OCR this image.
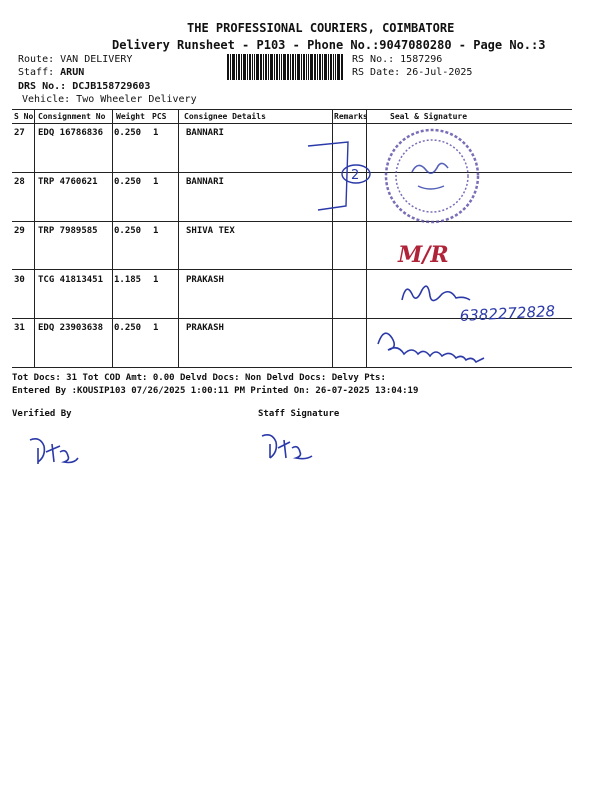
THE PROFESSIONAL COURIERS, COIMBATORE
Delivery Runsheet - P103 - Phone No.:9047080280 - Page No.:3
Route: VAN DELIVERY
Staff: ARUN
DRS No.: DCJB158729603
Vehicle: Two Wheeler Delivery
RS No.: 1587296
RS Date: 26-Jul-2025
S No Consignment No Weight PCS Consignee Details	Remarks	Seal & Signature
27 EDQ 16786836 0.250 1	BANNARI
28 TRP 4760621 0.250 1	BANNARI
29 TRP 7989585 0.250 1	SHIVA TEX
30 TCG 41813451 1.185 1	PRAKASH
31 EDQ 23903638 0.250 1	PRAKASH
2
M/R
6382272828
Tot Docs: 31 Tot COD Amt: 0.00 Delvd Docs: Non Delvd Docs: Delvy Pts:
Entered By :KOUSIP103 07/26/2025 1:00:11 PM Printed On: 26-07-2025 13:04:19
Verified By	Staff Signature
